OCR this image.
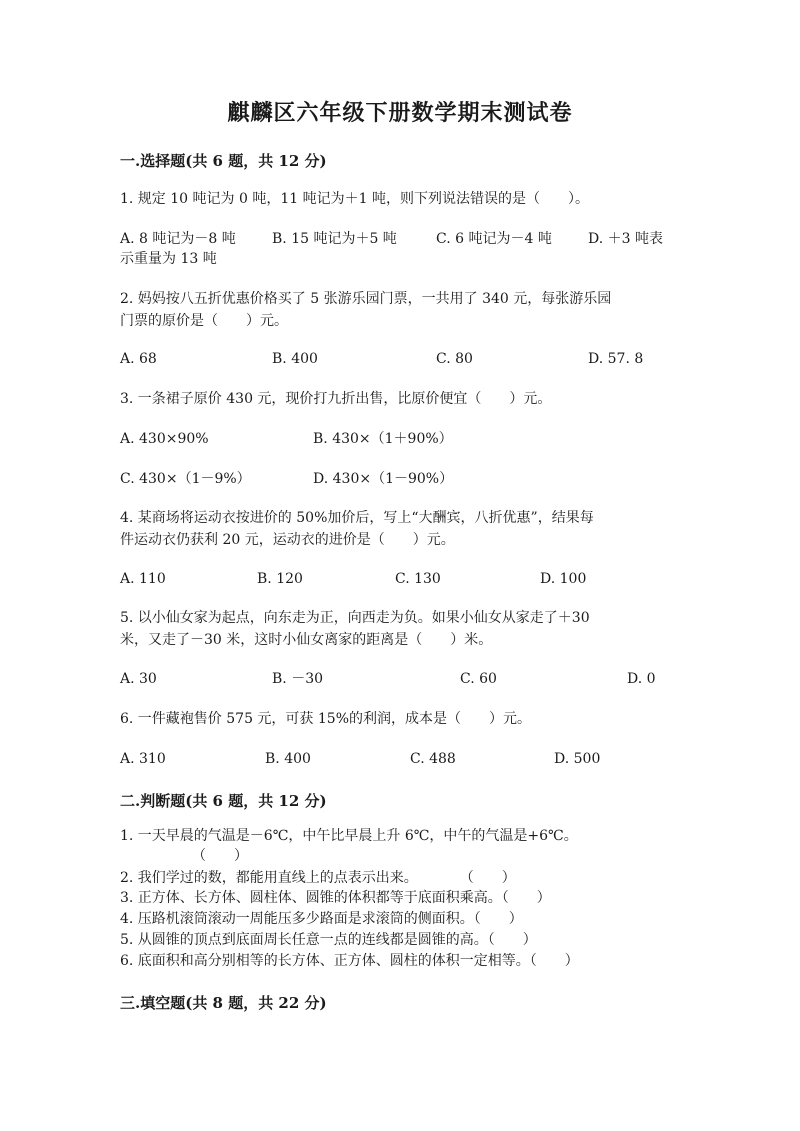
麒麟区六年级下册数学期末测试卷
一.选择题(共 6 题，共 12 分)
1. 规定 10 吨记为 0 吨，11 吨记为＋1 吨，则下列说法错误的是（　　）。
A. 8 吨记为－8 吨	B. 15 吨记为＋5 吨	C. 6 吨记为－4 吨	D. ＋3 吨表
示重量为 13 吨
2. 妈妈按八五折优惠价格买了 5 张游乐园门票，一共用了 340 元，每张游乐园
门票的原价是（　　）元。
A. 68	B. 400	C. 80	D. 57. 8
3. 一条裙子原价 430 元，现价打九折出售，比原价便宜（　　）元。
A. 430×90%	B. 430×（1＋90%）
C. 430×（1－9%）	D. 430×（1－90%）
4. 某商场将运动衣按进价的 50%加价后，写上“大酬宾，八折优惠”，结果每
件运动衣仍获利 20 元，运动衣的进价是（　　）元。
A. 110	B. 120	C. 130	D. 100
5. 以小仙女家为起点，向东走为正，向西走为负。如果小仙女从家走了＋30
米，又走了－30 米，这时小仙女离家的距离是（　　）米。
A. 30	B. －30	C. 60	D. 0
6. 一件藏袍售价 575 元，可获 15%的利润，成本是（　　）元。
A. 310	B. 400	C. 488	D. 500
二.判断题(共 6 题，共 12 分)
1. 一天早晨的气温是－6℃，中午比早晨上升 6℃，中午的气温是+6℃。
（　　）
2. 我们学过的数，都能用直线上的点表示出来。　　　　（　　）
3. 正方体、长方体、圆柱体、圆锥的体积都等于底面积乘高。（　　）
4. 压路机滚筒滚动一周能压多少路面是求滚筒的侧面积。（　　）
5. 从圆锥的顶点到底面周长任意一点的连线都是圆锥的高。（　　）
6. 底面积和高分别相等的长方体、正方体、圆柱的体积一定相等。（　　）
三.填空题(共 8 题，共 22 分)
